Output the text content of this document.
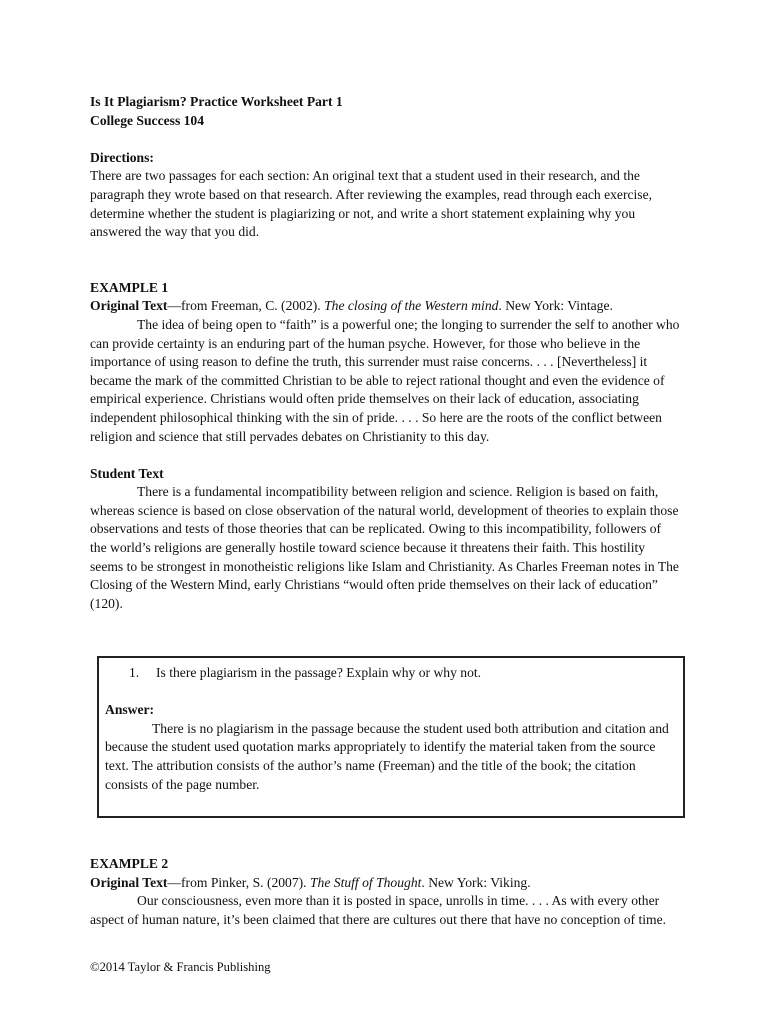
Is It Plagiarism? Practice Worksheet Part 1

College Success 104

Directions:

There are two passages for each section: An original text that a student used in their research, and the paragraph they wrote based on that research. After reviewing the examples, read through each exercise, determine whether the student is plagiarizing or not, and write a short statement explaining why you answered the way that you did.

EXAMPLE 1

Original Text—from Freeman, C. (2002). The closing of the Western mind. New York: Vintage.

The idea of being open to “faith” is a powerful one; the longing to surrender the self to another who can provide certainty is an enduring part of the human psyche. However, for those who believe in the importance of using reason to define the truth, this surrender must raise concerns. . . . [Nevertheless] it became the mark of the committed Christian to be able to reject rational thought and even the evidence of empirical experience. Christians would often pride themselves on their lack of education, associating independent philosophical thinking with the sin of pride. . . . So here are the roots of the conflict between religion and science that still pervades debates on Christianity to this day.

Student Text

There is a fundamental incompatibility between religion and science. Religion is based on faith, whereas science is based on close observation of the natural world, development of theories to explain those observations and tests of those theories that can be replicated. Owing to this incompatibility, followers of the world’s religions are generally hostile toward science because it threatens their faith. This hostility seems to be strongest in monotheistic religions like Islam and Christianity. As Charles Freeman notes in The Closing of the Western Mind, early Christians “would often pride themselves on their lack of education” (120).

1.	Is there plagiarism in the passage? Explain why or why not.

Answer:

There is no plagiarism in the passage because the student used both attribution and citation and because the student used quotation marks appropriately to identify the material taken from the source text. The attribution consists of the author’s name (Freeman) and the title of the book; the citation consists of the page number.

EXAMPLE 2

Original Text—from Pinker, S. (2007). The Stuff of Thought. New York: Viking.

Our consciousness, even more than it is posted in space, unrolls in time. . . . As with every other aspect of human nature, it’s been claimed that there are cultures out there that have no conception of time.

©2014 Taylor & Francis Publishing
